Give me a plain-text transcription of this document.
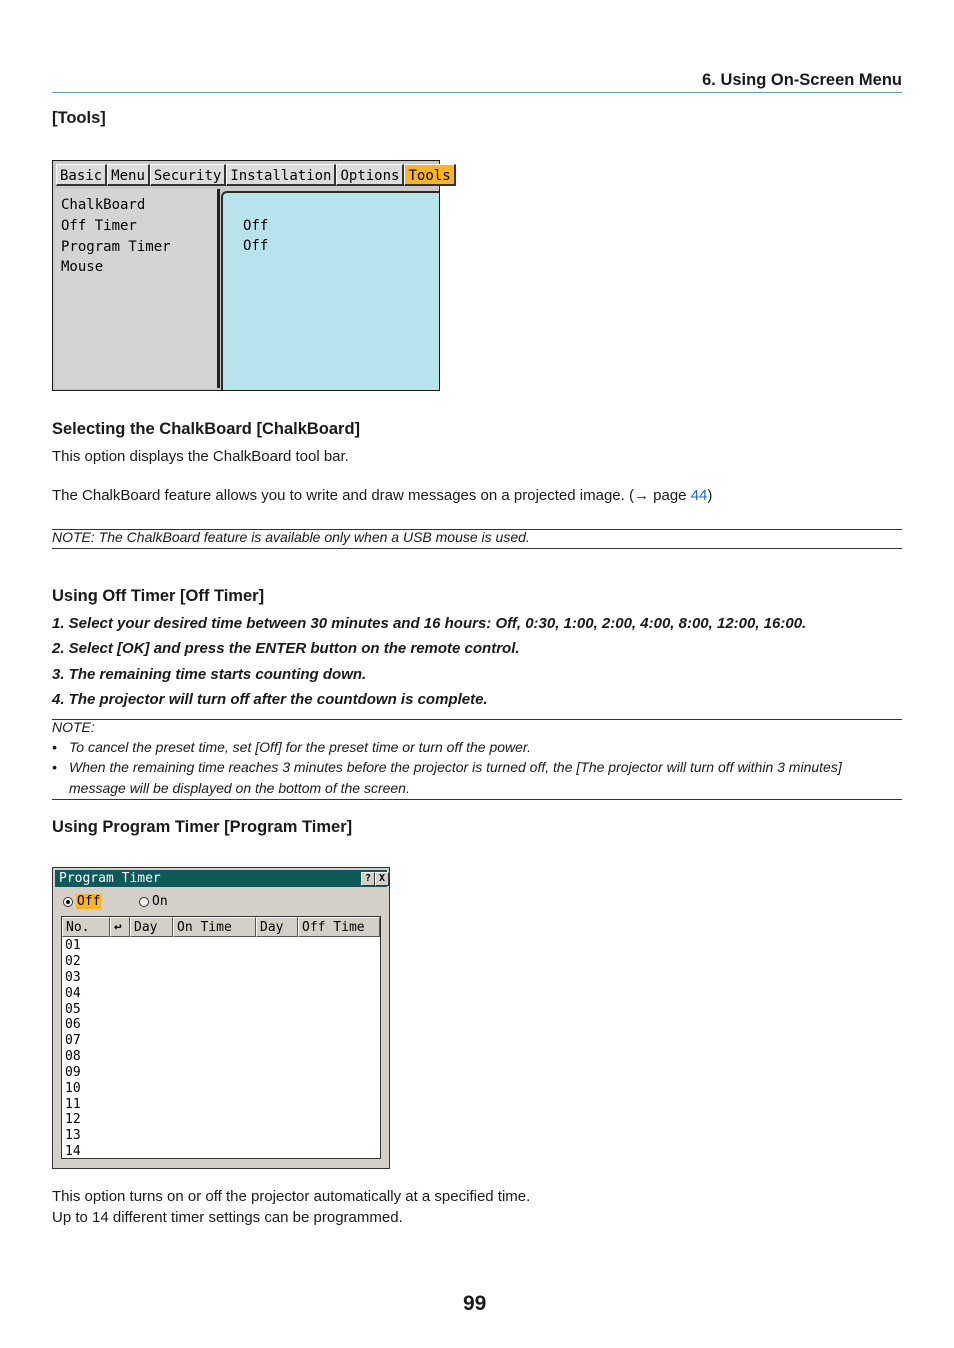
6. Using On-Screen Menu
[Tools]
Basic Menu Security Installation Options Tools
ChalkBoard
Off Timer
Program Timer
Mouse
Off
Off
Selecting the ChalkBoard [ChalkBoard]
This option displays the ChalkBoard tool bar.
The ChalkBoard feature allows you to write and draw messages on a projected image. (→ page 44)
NOTE: The ChalkBoard feature is available only when a USB mouse is used.
Using Off Timer [Off Timer]
1. Select your desired time between 30 minutes and 16 hours: Off, 0:30, 1:00, 2:00, 4:00, 8:00, 12:00, 16:00.
2. Select [OK] and press the ENTER button on the remote control.
3. The remaining time starts counting down.
4. The projector will turn off after the countdown is complete.
NOTE:
• To cancel the preset time, set [Off] for the preset time or turn off the power.
• When the remaining time reaches 3 minutes before the projector is turned off, the [The projector will turn off within 3 minutes]
message will be displayed on the bottom of the screen.
Using Program Timer [Program Timer]
Program Timer	? X
Off	On
No.	↩ Day	On Time	Day	Off Time
01
02
03
04
05
06
07
08
09
10
11
12
13
14
This option turns on or off the projector automatically at a specified time.
Up to 14 different timer settings can be programmed.
99
